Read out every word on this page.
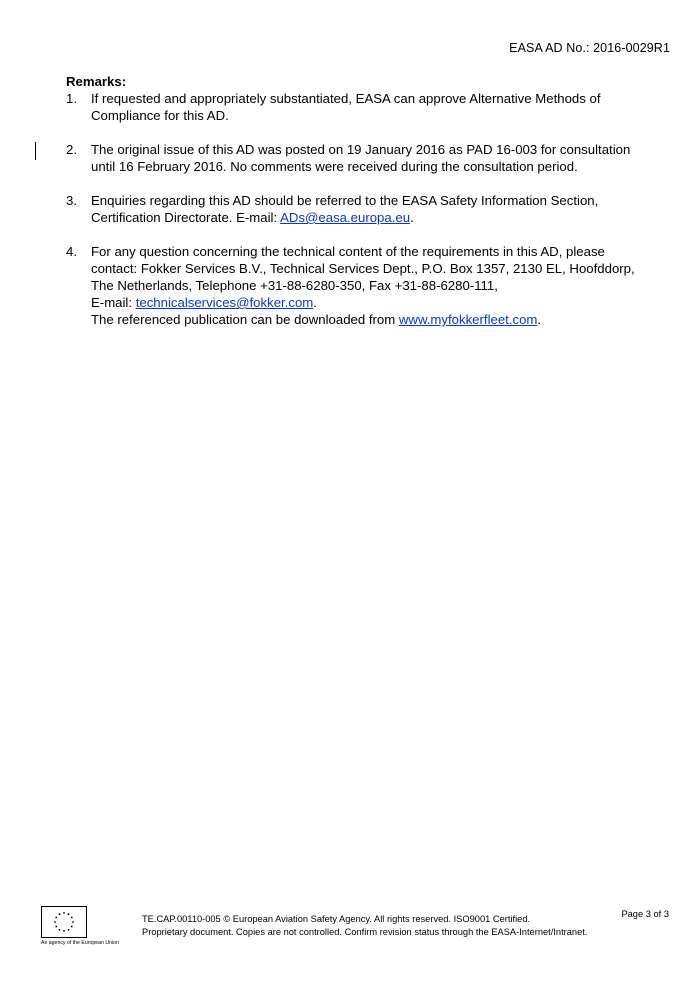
EASA AD No.: 2016-0029R1
Remarks:
1. If requested and appropriately substantiated, EASA can approve Alternative Methods of
Compliance for this AD.
2. The original issue of this AD was posted on 19 January 2016 as PAD 16-003 for consultation
until 16 February 2016. No comments were received during the consultation period.
3. Enquiries regarding this AD should be referred to the EASA Safety Information Section,
Certification Directorate. E-mail: ADs@easa.europa.eu.
4. For any question concerning the technical content of the requirements in this AD, please
contact: Fokker Services B.V., Technical Services Dept., P.O. Box 1357, 2130 EL, Hoofddorp,
The Netherlands, Telephone +31-88-6280-350, Fax +31-88-6280-111,
E-mail: technicalservices@fokker.com.
The referenced publication can be downloaded from www.myfokkerfleet.com.
An agency of the European Union
TE.CAP.00110-005 © European Aviation Safety Agency. All rights reserved. ISO9001 Certified.
Proprietary document. Copies are not controlled. Confirm revision status through the EASA-Internet/Intranet.
Page 3 of 3
